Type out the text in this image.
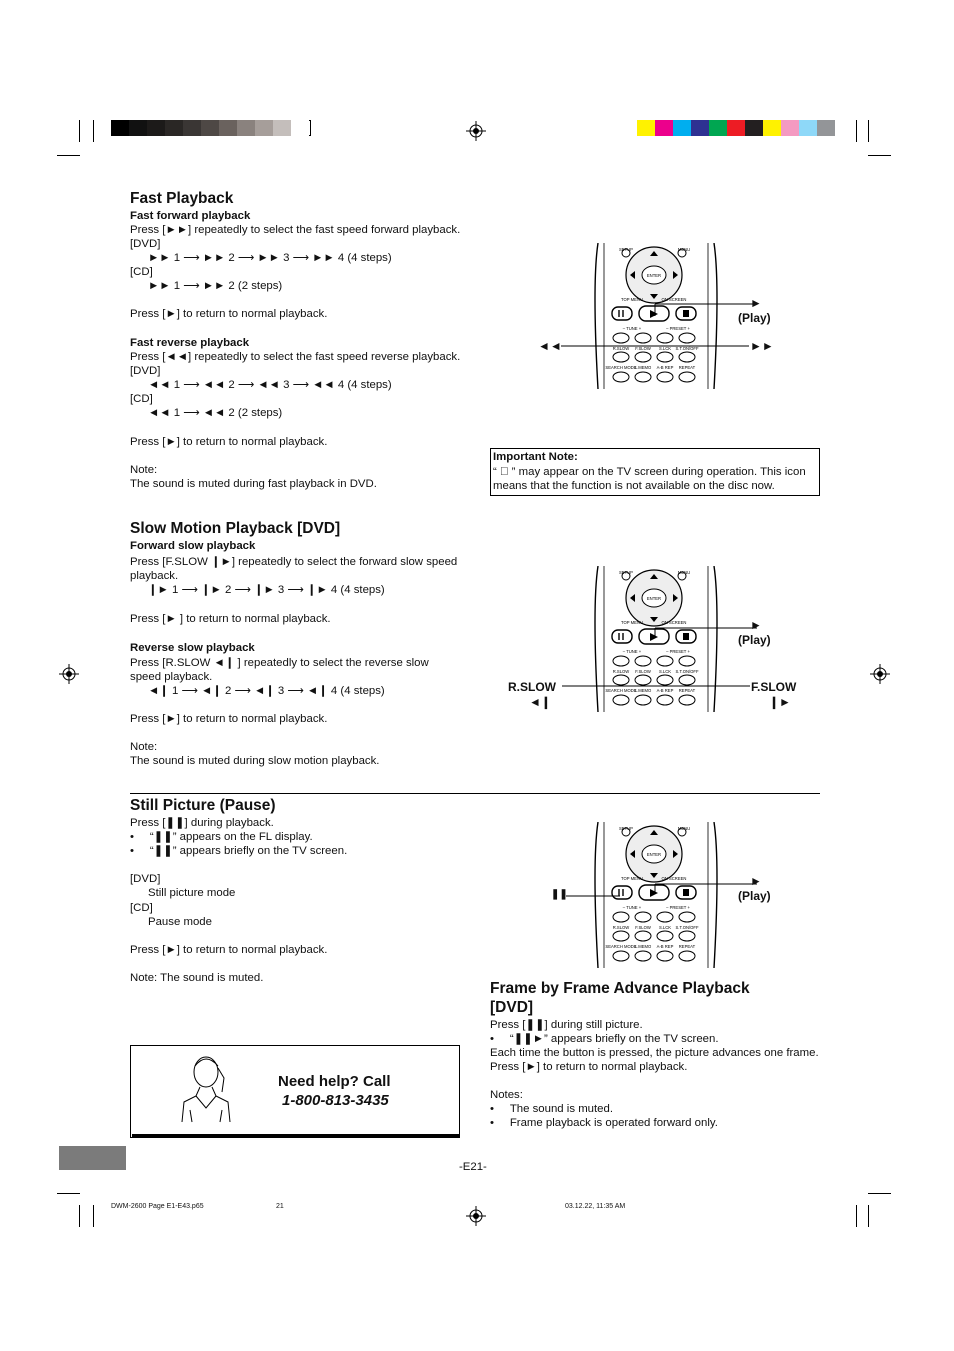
Fast Playback
Fast forward playback
Press [►►] repeatedly to select the fast speed forward playback.
[DVD]
►► 1 ⟶ ►► 2 ⟶ ►► 3 ⟶ ►► 4 (4 steps)
[CD]
►► 1 ⟶ ►► 2 (2 steps)
Press [►] to return to normal playback.
Fast reverse playback
Press [◄◄] repeatedly to select the fast speed reverse playback.
[DVD]
◄◄ 1 ⟶ ◄◄ 2 ⟶ ◄◄ 3 ⟶ ◄◄ 4 (4 steps)
[CD]
◄◄ 1 ⟶ ◄◄ 2 (2 steps)
Press [►] to return to normal playback.
Note:
The sound is muted during fast playback in DVD.
SETUP	MENU
ENTER
TOP MENU	ON SCREEN
– TUNE +	– PRESET +
R.SLOW F.SLOW S.LCK S.T.ON/OFF
SEARCH MODE
L.MEMO A-B REP REPEAT
►
(Play)
◄◄	►►
Important Note:
“ ⃠ ” may appear on the TV screen during operation. This icon
means that the function is not available on the disc now.
Slow Motion Playback [DVD]
Forward slow playback
Press [F.SLOW ❙►] repeatedly to select the forward slow speed
playback.
❙► 1 ⟶ ❙► 2 ⟶ ❙► 3 ⟶ ❙► 4 (4 steps)
Press [► ] to return to normal playback.
Reverse slow playback
Press [R.SLOW ◄❙ ] repeatedly to select the reverse slow
speed playback.
◄❙ 1 ⟶ ◄❙ 2 ⟶ ◄❙ 3 ⟶ ◄❙ 4 (4 steps)
Press [►] to return to normal playback.
Note:
The sound is muted during slow motion playback.
SETUP	MENU
ENTER
TOP MENU	ON SCREEN
– TUNE +	– PRESET +
R.SLOW F.SLOW S.LCK S.T.ON/OFF
SEARCH MODE
L.MEMO A-B REP REPEAT
►
(Play)
R.SLOW
◄❙
F.SLOW
❙►
Still Picture (Pause)
Press [❚❚] during playback.
•     “❚❚” appears on the FL display.
•     “❚❚” appears briefly on the TV screen.
[DVD]
Still picture mode
[CD]
Pause mode
Press [►] to return to normal playback.
Note: The sound is muted.
SETUP	MENU
ENTER
TOP MENU	ON SCREEN
– TUNE +	– PRESET +
R.SLOW F.SLOW S.LCK S.T.ON/OFF
SEARCH MODE
L.MEMO A-B REP REPEAT
►
(Play)
❚❚
Frame by Frame Advance Playback
[DVD]
Press [❚❚] during still picture.
•     “❚❚►” appears briefly on the TV screen.
Each time the button is pressed, the picture advances one frame.
Press [►] to return to normal playback.
Notes:
•     The sound is muted.
•     Frame playback is operated forward only.
Need help? Call
1-800-813-3435
-E21-
DWM-2600 Page E1-E43.p65	21	03.12.22, 11:35 AM
